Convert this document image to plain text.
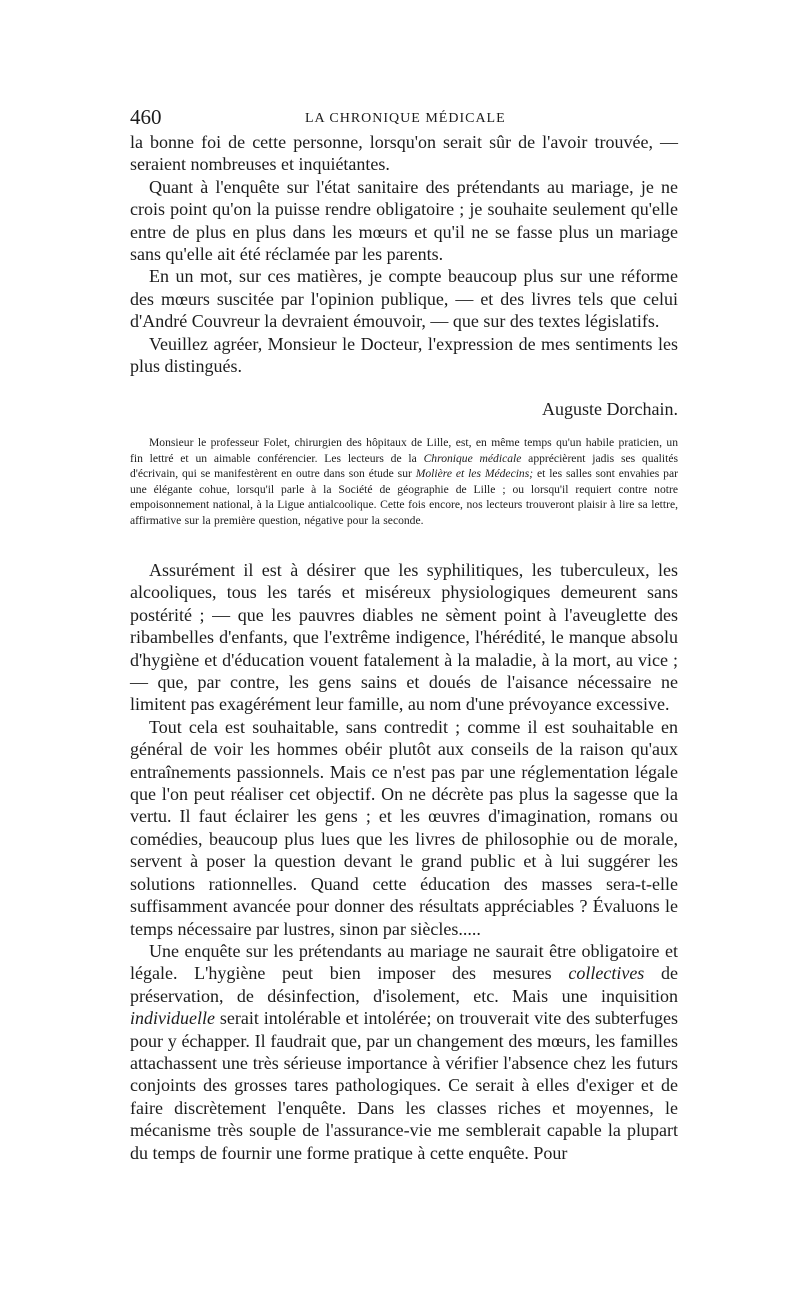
460	LA CHRONIQUE MÉDICALE

la bonne foi de cette personne, lorsqu'on serait sûr de l'avoir trouvée, — seraient nombreuses et inquiétantes.

Quant à l'enquête sur l'état sanitaire des prétendants au mariage, je ne crois point qu'on la puisse rendre obligatoire ; je souhaite seulement qu'elle entre de plus en plus dans les mœurs et qu'il ne se fasse plus un mariage sans qu'elle ait été réclamée par les parents.

En un mot, sur ces matières, je compte beaucoup plus sur une réforme des mœurs suscitée par l'opinion publique, — et des livres tels que celui d'André Couvreur la devraient émouvoir, — que sur des textes législatifs.

Veuillez agréer, Monsieur le Docteur, l'expression de mes sentiments les plus distingués.

Auguste Dorchain.

Monsieur le professeur Folet, chirurgien des hôpitaux de Lille, est, en même temps qu'un habile praticien, un fin lettré et un aimable conférencier. Les lecteurs de la Chronique médicale apprécièrent jadis ses qualités d'écrivain, qui se manifestèrent en outre dans son étude sur Molière et les Médecins; et les salles sont envahies par une élégante cohue, lorsqu'il parle à la Société de géographie de Lille ; ou lorsqu'il requiert contre notre empoisonnement national, à la Ligue antialcoolique. Cette fois encore, nos lecteurs trouveront plaisir à lire sa lettre, affirmative sur la première question, négative pour la seconde.

Assurément il est à désirer que les syphilitiques, les tuberculeux, les alcooliques, tous les tarés et miséreux physiologiques demeurent sans postérité ; — que les pauvres diables ne sèment point à l'aveuglette des ribambelles d'enfants, que l'extrême indigence, l'hérédité, le manque absolu d'hygiène et d'éducation vouent fatalement à la maladie, à la mort, au vice ; — que, par contre, les gens sains et doués de l'aisance nécessaire ne limitent pas exagérément leur famille, au nom d'une prévoyance excessive.

Tout cela est souhaitable, sans contredit ; comme il est souhaitable en général de voir les hommes obéir plutôt aux conseils de la raison qu'aux entraînements passionnels. Mais ce n'est pas par une réglementation légale que l'on peut réaliser cet objectif. On ne décrète pas plus la sagesse que la vertu. Il faut éclairer les gens ; et les œuvres d'imagination, romans ou comédies, beaucoup plus lues que les livres de philosophie ou de morale, servent à poser la question devant le grand public et à lui suggérer les solutions rationnelles. Quand cette éducation des masses sera-t-elle suffisamment avancée pour donner des résultats appréciables ? Évaluons le temps nécessaire par lustres, sinon par siècles.....

Une enquête sur les prétendants au mariage ne saurait être obligatoire et légale. L'hygiène peut bien imposer des mesures collectives de préservation, de désinfection, d'isolement, etc. Mais une inquisition individuelle serait intolérable et intolérée; on trouverait vite des subterfuges pour y échapper. Il faudrait que, par un changement des mœurs, les familles attachassent une très sérieuse importance à vérifier l'absence chez les futurs conjoints des grosses tares pathologiques. Ce serait à elles d'exiger et de faire discrètement l'enquête. Dans les classes riches et moyennes, le mécanisme très souple de l'assurance-vie me semblerait capable la plupart du temps de fournir une forme pratique à cette enquête. Pour
